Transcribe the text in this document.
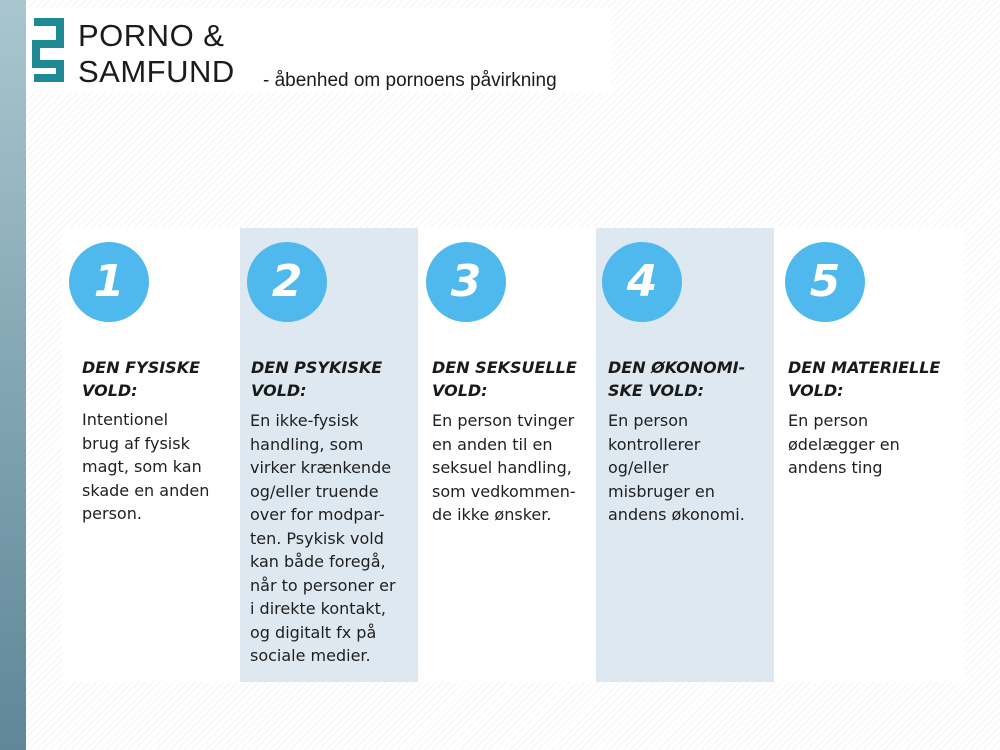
PORNO &
SAMFUND - åbenhed om pornoens påvirkning
1
DEN FYSISKE
VOLD:
Intentionel
brug af fysisk
magt, som kan
skade en anden
person.
2
DEN PSYKISKE
VOLD:
En ikke-fysisk
handling, som
virker krænkende
og/eller truende
over for modpar-
ten. Psykisk vold
kan både foregå,
når to personer er
i direkte kontakt,
og digitalt fx på
sociale medier.
3
DEN SEKSUELLE
VOLD:
En person tvinger
en anden til en
seksuel handling,
som vedkommen-
de ikke ønsker.
4
DEN ØKONOMI-
SKE VOLD:
En person
kontrollerer
og/eller
misbruger en
andens økonomi.
5
DEN MATERIELLE
VOLD:
En person
ødelægger en
andens ting
